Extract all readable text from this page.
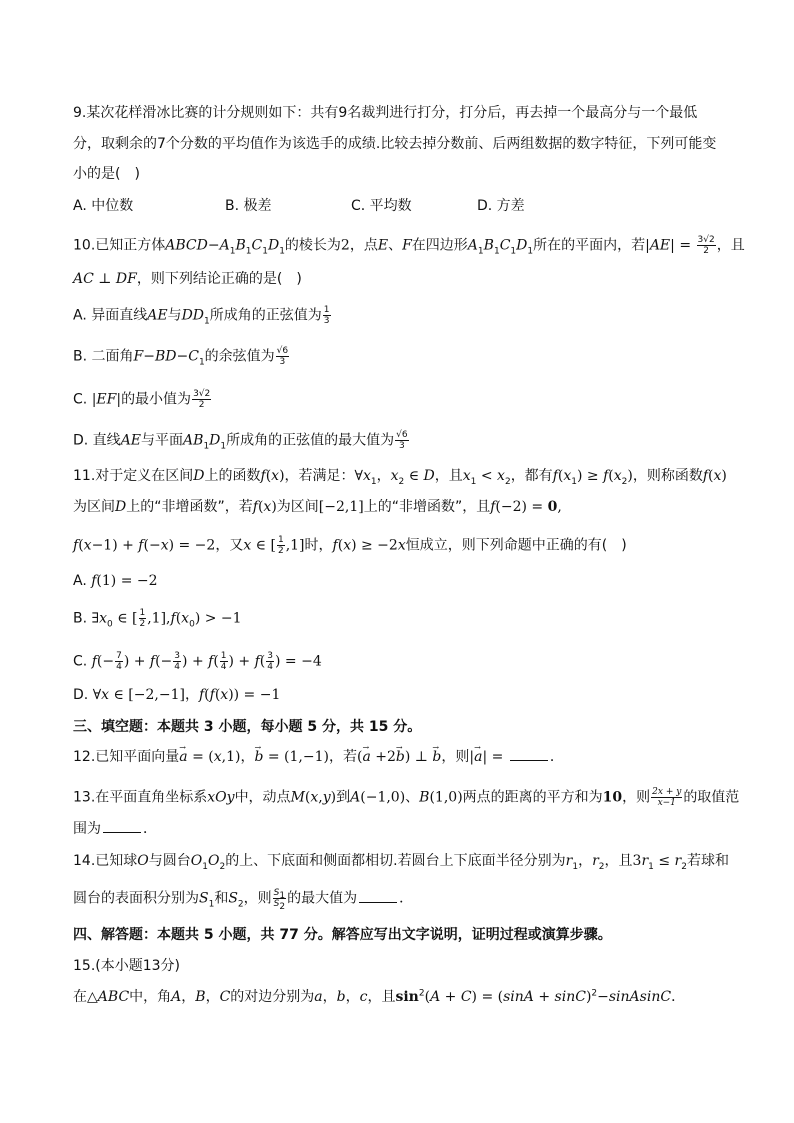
9.某次花样滑冰比赛的计分规则如下：共有9名裁判进行打分，打分后，再去掉一个最高分与一个最低
分，取剩余的7个分数的平均值作为该选手的成绩.比较去掉分数前、后两组数据的数字特征，下列可能变
小的是(　)
A. 中位数	B. 极差	C. 平均数	D. 方差
10.已知正方体$ABCD-A_1B_1C_1D_1$的棱长为2，点E、F在四边形$A_1B_1C_1D_1$所在的平面内，若$|AE| = \frac{3√2}{2}$ ，且
AC ⊥ DF，则下列结论正确的是(　)
A. 异面直线AE与$DD_1$所成角的正弦值为 $\frac{1}{3}$
B. 二面角$F-BD-C_1$的余弦值为 $\frac{√6}{3}$
C. |EF|的最小值为 $\frac{3√2}{2}$
D. 直线AE与平面$AB_1D_1$所成角的正弦值的最大值为 $\frac{√6}{3}$
11.对于定义在区间D上的函数f(x)，若满足：$\forall x_1$，$x_2$ ∈ D，且$x_1 < x_2$，都有$f(x_1) \ge f(x_2)$，则称函数f(x)
为区间D上的“非增函数”，若f(x)为区间[−2,1]上的“非增函数”，且f(−2) = 0,
f(x−1) + f(−x) = −2，又x ∈ [ $\frac{1}{2} ,1$]时，f(x) ≥ −2x恒成立，则下列命题中正确的有(　)
A. f(1) = −2
B. $\exists x_0$ ∈ [ $\frac{1}{2} ,1],f(x_0) > -1$
C. $f(- \frac{7}{4}$ ) + $f(- \frac{3}{4}$ ) + $f( \frac{1}{4}$ ) + $f( \frac{3}{4}$ ) = −4
D. ∀x ∈ [−2,−1]，f(f(x)) = −1
三、填空题：本题共 3 小题，每小题 5 分，共 15 分。
12.已知平面向量→ a = (x,1)，→ b = (1,−1)，若(→ a +2→ b) ⊥ → b，则|→ a| =	．
13.在平面直角坐标系xOy中，动点M(x,y)到A(−1,0)、B(1,0)两点的距离的平方和为10，则 $\frac{2x + y}{x-1}$ 的取值范
围为	．
14.已知球O与圆台$O_1O_2$的上、下底面和侧面都相切.若圆台上下底面半径分别为$r_1$，$r_2$，且$3r_1 \le r_2$若球和
圆台的表面积分别为$S_1$和$S_2$，则 $\frac{S_1}{S_2}$ 的最大值为	．
四、解答题：本题共 5 小题，共 77 分。解答应写出文字说明，证明过程或演算步骤。
15.(本小题13分)
在△ABC中，角A，B，C的对边分别为a，b，c，且$\sin^2(A + C) = (\sin A$ + $\sin C)^2-sinAsinC$．
